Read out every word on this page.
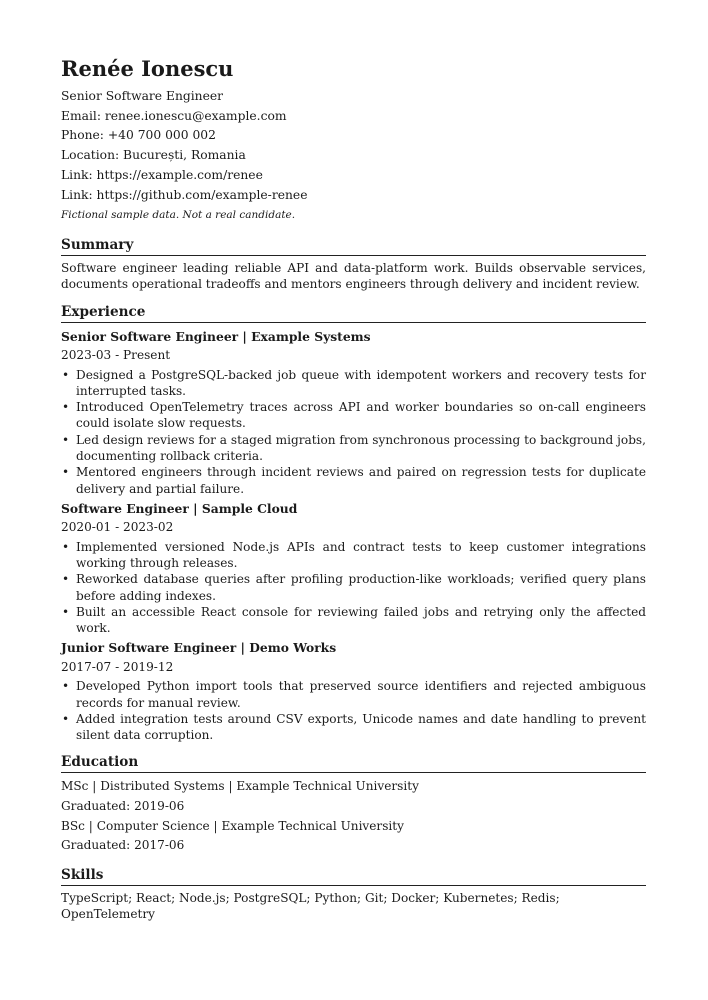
Renée Ionescu
Senior Software Engineer
Email: renee.ionescu@example.com
Phone: +40 700 000 002
Location: București, Romania
Link: https://example.com/renee
Link: https://github.com/example-renee
Fictional sample data. Not a real candidate.
Summary
Software engineer leading reliable API and data-platform work. Builds observable services, documents operational tradeoffs and mentors engineers through delivery and incident review.
Experience
Senior Software Engineer | Example Systems
2023-03 - Present
• Designed a PostgreSQL-backed job queue with idempotent workers and recovery tests for interrupted tasks.
• Introduced OpenTelemetry traces across API and worker boundaries so on-call engineers could isolate slow requests.
• Led design reviews for a staged migration from synchronous processing to background jobs, documenting rollback criteria.
• Mentored engineers through incident reviews and paired on regression tests for duplicate delivery and partial failure.
Software Engineer | Sample Cloud
2020-01 - 2023-02
• Implemented versioned Node.js APIs and contract tests to keep customer integrations working through releases.
• Reworked database queries after profiling production-like workloads; verified query plans before adding indexes.
• Built an accessible React console for reviewing failed jobs and retrying only the affected work.
Junior Software Engineer | Demo Works
2017-07 - 2019-12
• Developed Python import tools that preserved source identifiers and rejected ambiguous records for manual review.
• Added integration tests around CSV exports, Unicode names and date handling to prevent silent data corruption.
Education
MSc | Distributed Systems | Example Technical University
Graduated: 2019-06
BSc | Computer Science | Example Technical University
Graduated: 2017-06
Skills
TypeScript; React; Node.js; PostgreSQL; Python; Git; Docker; Kubernetes; Redis; OpenTelemetry
